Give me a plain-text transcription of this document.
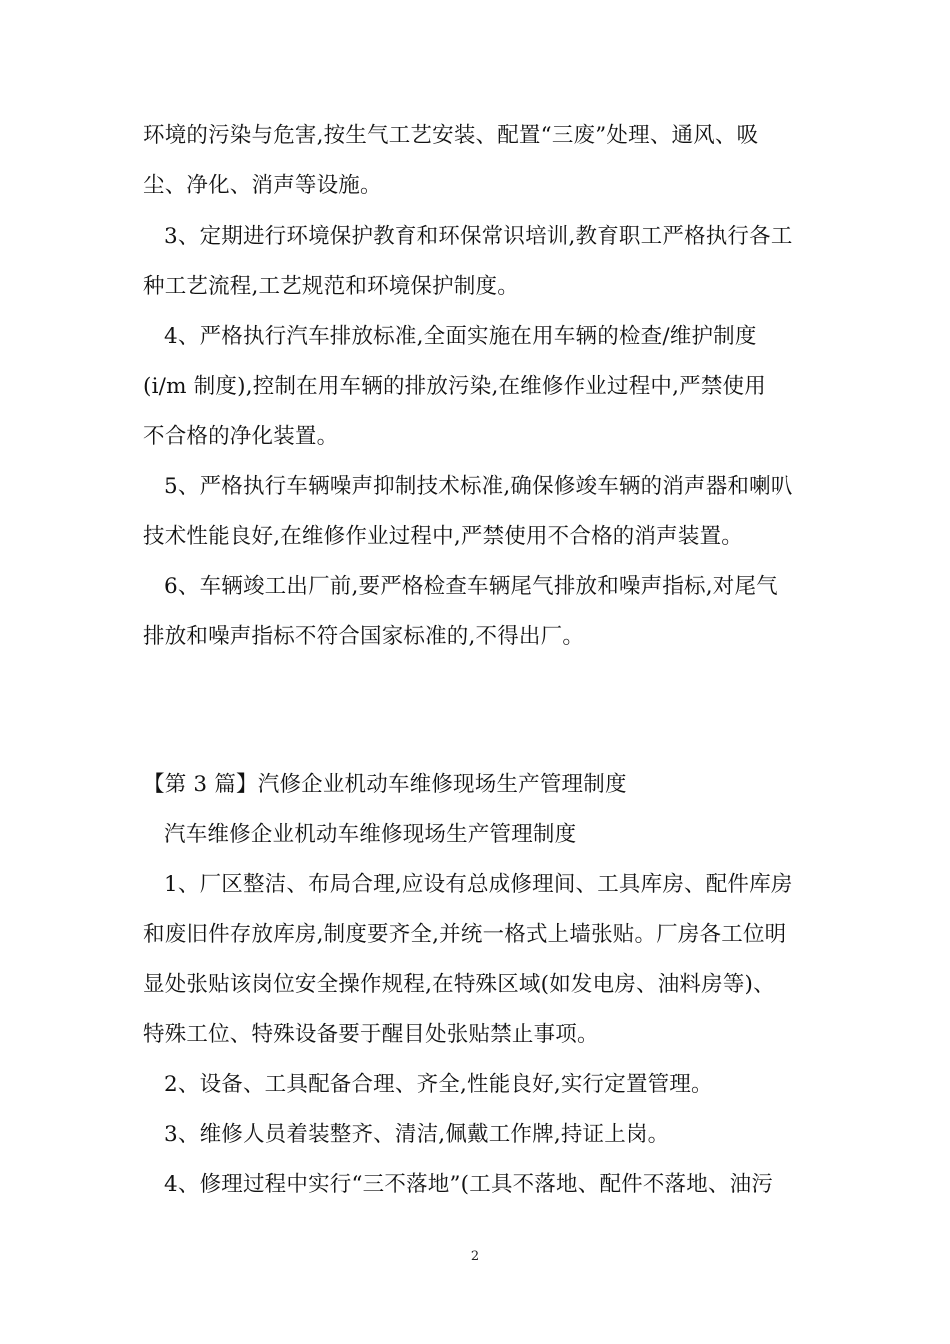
环境的污染与危害,按生气工艺安装、配置“三废”处理、通风、吸
尘、净化、消声等设施。
3、定期进行环境保护教育和环保常识培训,教育职工严格执行各工
种工艺流程,工艺规范和环境保护制度。
4、严格执行汽车排放标准,全面实施在用车辆的检查/维护制度
(i/m 制度),控制在用车辆的排放污染,在维修作业过程中,严禁使用
不合格的净化装置。
5、严格执行车辆噪声抑制技术标准,确保修竣车辆的消声器和喇叭
技术性能良好,在维修作业过程中,严禁使用不合格的消声装置。
6、车辆竣工出厂前,要严格检查车辆尾气排放和噪声指标,对尾气
排放和噪声指标不符合国家标准的,不得出厂。
【第 3 篇】汽修企业机动车维修现场生产管理制度
汽车维修企业机动车维修现场生产管理制度
1、厂区整洁、布局合理,应设有总成修理间、工具库房、配件库房
和废旧件存放库房,制度要齐全,并统一格式上墙张贴。厂房各工位明
显处张贴该岗位安全操作规程,在特殊区域(如发电房、油料房等)、
特殊工位、特殊设备要于醒目处张贴禁止事项。
2、设备、工具配备合理、齐全,性能良好,实行定置管理。
3、维修人员着装整齐、清洁,佩戴工作牌,持证上岗。
4、修理过程中实行“三不落地”(工具不落地、配件不落地、油污
2
